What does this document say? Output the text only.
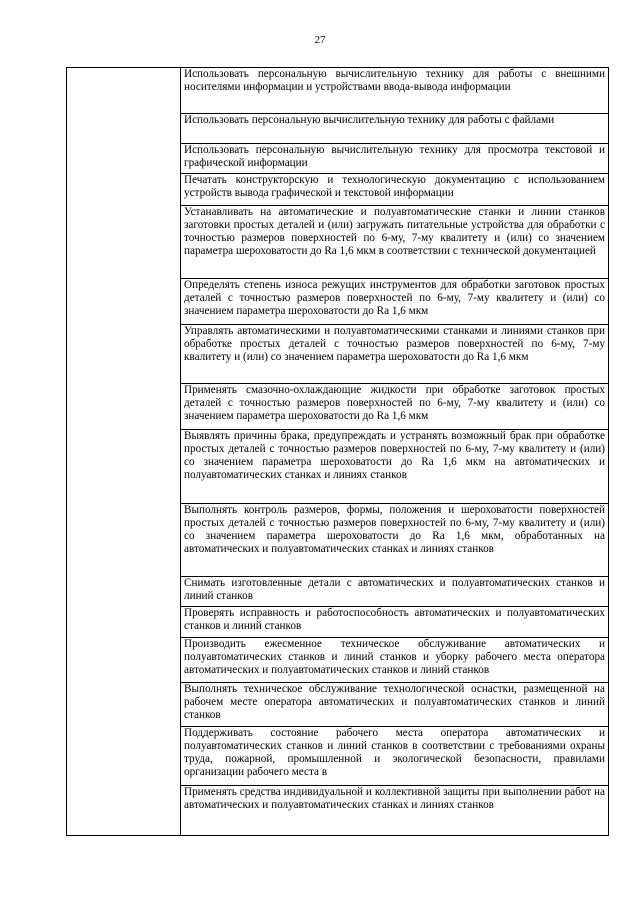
27
	Использовать персональную вычислительную технику для работы с внешними носителями информации и устройствами ввода-вывода информации
Использовать персональную вычислительную технику для работы с файлами
Использовать персональную вычислительную технику для просмотра текстовой и графической информации
Печатать конструкторскую и технологическую документацию с использованием устройств вывода графической и текстовой информации
Устанавливать на автоматические и полуавтоматические станки и линии станков заготовки простых деталей и (или) загружать питательные устройства для обработки с точностью размеров поверхностей по 6-му, 7-му квалитету и (или) со значением параметра шероховатости до Ra 1,6 мкм в соответствии с технической документацией
Определять степень износа режущих инструментов для обработки заготовок простых деталей с точностью размеров поверхностей по 6-му, 7-му квалитету и (или) со значением параметра шероховатости до Ra 1,6 мкм
Управлять автоматическими и полуавтоматическими станками и линиями станков при обработке простых деталей с точностью размеров поверхностей по 6-му, 7-му квалитету и (или) со значением параметра шероховатости до Ra 1,6 мкм
Применять смазочно-охлаждающие жидкости при обработке заготовок простых деталей с точностью размеров поверхностей по 6-му, 7-му квалитету и (или) со значением параметра шероховатости до Ra 1,6 мкм
Выявлять причины брака, предупреждать и устранять возможный брак при обработке простых деталей с точностью размеров поверхностей по 6-му, 7-му квалитету и (или) со значением параметра шероховатости до Ra 1,6 мкм на автоматических и полуавтоматических станках и линиях станков
Выполнять контроль размеров, формы, положения и шероховатости поверхностей простых деталей с точностью размеров поверхностей по 6-му, 7-му квалитету и (или) со значением параметра шероховатости до Ra 1,6 мкм, обработанных на автоматических и полуавтоматических станках и линиях станков
Снимать изготовленные детали с автоматических и полуавтоматических станков и линий станков
Проверять исправность и работоспособность автоматических и полуавтоматических станков и линий станков
Производить ежесменное техническое обслуживание автоматических и полуавтоматических станков и линий станков и уборку рабочего места оператора автоматических и полуавтоматических станков и линий станков
Выполнять техническое обслуживание технологической оснастки, размещенной на рабочем месте оператора автоматических и полуавтоматических станков и линий станков
Поддерживать состояние рабочего места оператора автоматических и полуавтоматических станков и линий станков в соответствии с требованиями охраны труда, пожарной, промышленной и экологической безопасности, правилами организации рабочего места в
Применять средства индивидуальной и коллективной защиты при выполнении работ на автоматических и полуавтоматических станках и линиях станков
